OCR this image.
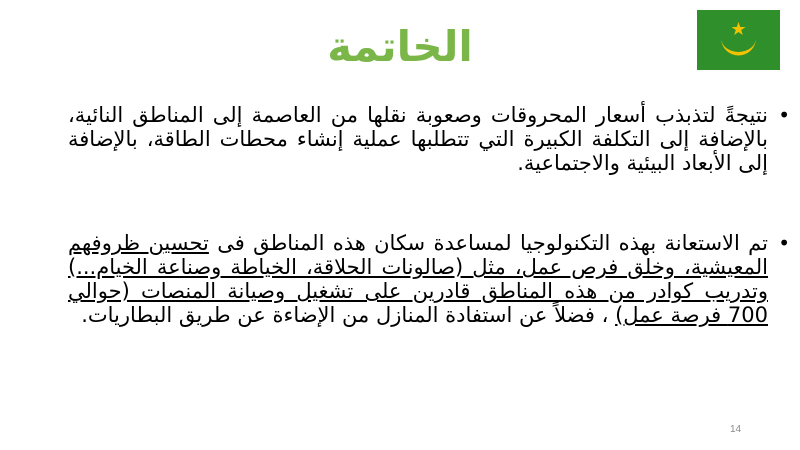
الخاتمة
•
نتيجةً لتذبذب أسعار المحروقات وصعوبة نقلها من العاصمة إلى المناطق النائية، بالإضافة إلى التكلفة الكبيرة التي تتطلبها عملية إنشاء محطات الطاقة، بالإضافة إلى الأبعاد البيئية والاجتماعية.
•
تم الاستعانة بهذه التكنولوجيا لمساعدة سكان هذه المناطق فى تحسين ظروفهم المعيشية، وخلق فرص عمل، مثل (صالونات الحلاقة، الخياطة وصناعة الخيام...) وتدريب كوادر من هذه المناطق قادرين على تشغيل وصيانة المنصات (حوالي 700 فرصة عمل) ، فضلاً عن استفادة المنازل من الإضاءة عن طريق البطاريات.
14
